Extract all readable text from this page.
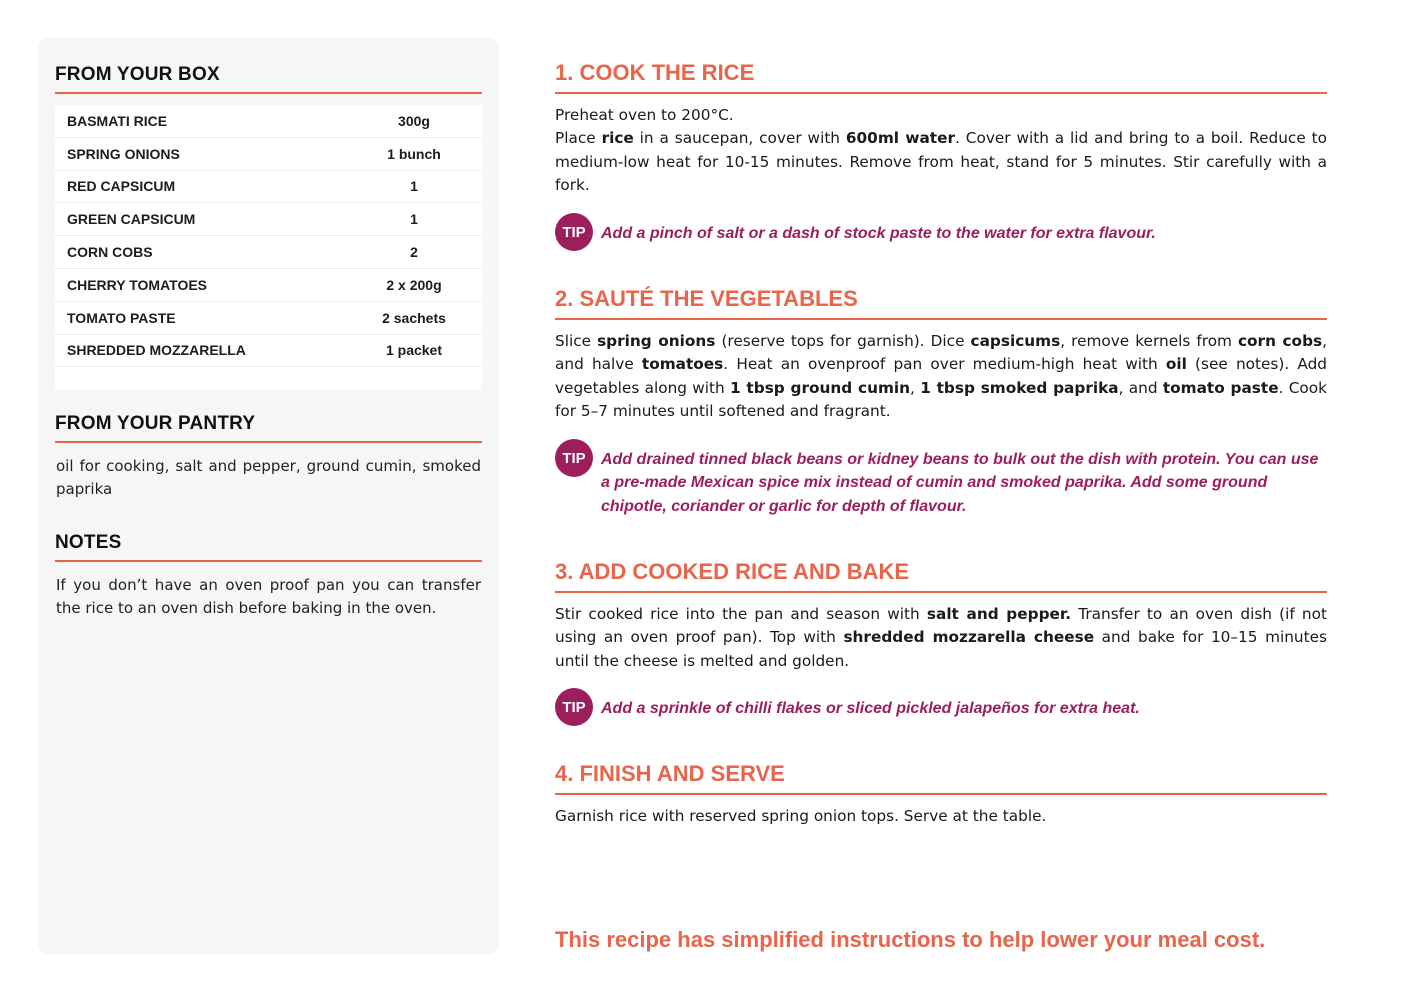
FROM YOUR BOX
BASMATI RICE	300g
SPRING ONIONS	1 bunch
RED CAPSICUM	1
GREEN CAPSICUM	1
CORN COBS	2
CHERRY TOMATOES	2 x 200g
TOMATO PASTE	2 sachets
SHREDDED MOZZARELLA	1 packet
FROM YOUR PANTRY
oil for cooking, salt and pepper, ground cumin, smoked paprika
NOTES
If you don’t have an oven proof pan you can transfer the rice to an oven dish before baking in the oven.
1. COOK THE RICE
Preheat oven to 200°C.
Place rice in a saucepan, cover with 600ml water. Cover with a lid and bring to a boil. Reduce to medium-low heat for 10-15 minutes. Remove from heat, stand for 5 minutes. Stir carefully with a fork.
TIP Add a pinch of salt or a dash of stock paste to the water for extra flavour.
2. SAUTÉ THE VEGETABLES
Slice spring onions (reserve tops for garnish). Dice capsicums, remove kernels from corn cobs, and halve tomatoes. Heat an ovenproof pan over medium-high heat with oil (see notes). Add vegetables along with 1 tbsp ground cumin, 1 tbsp smoked paprika, and tomato paste. Cook for 5–7 minutes until softened and fragrant.
TIP Add drained tinned black beans or kidney beans to bulk out the dish with protein. You can use a pre-made Mexican spice mix instead of cumin and smoked paprika. Add some ground chipotle, coriander or garlic for depth of flavour.
3. ADD COOKED RICE AND BAKE
Stir cooked rice into the pan and season with salt and pepper. Transfer to an oven dish (if not using an oven proof pan). Top with shredded mozzarella cheese and bake for 10–15 minutes until the cheese is melted and golden.
TIP Add a sprinkle of chilli flakes or sliced pickled jalapeños for extra heat.
4. FINISH AND SERVE
Garnish rice with reserved spring onion tops. Serve at the table.
This recipe has simplified instructions to help lower your meal cost.
